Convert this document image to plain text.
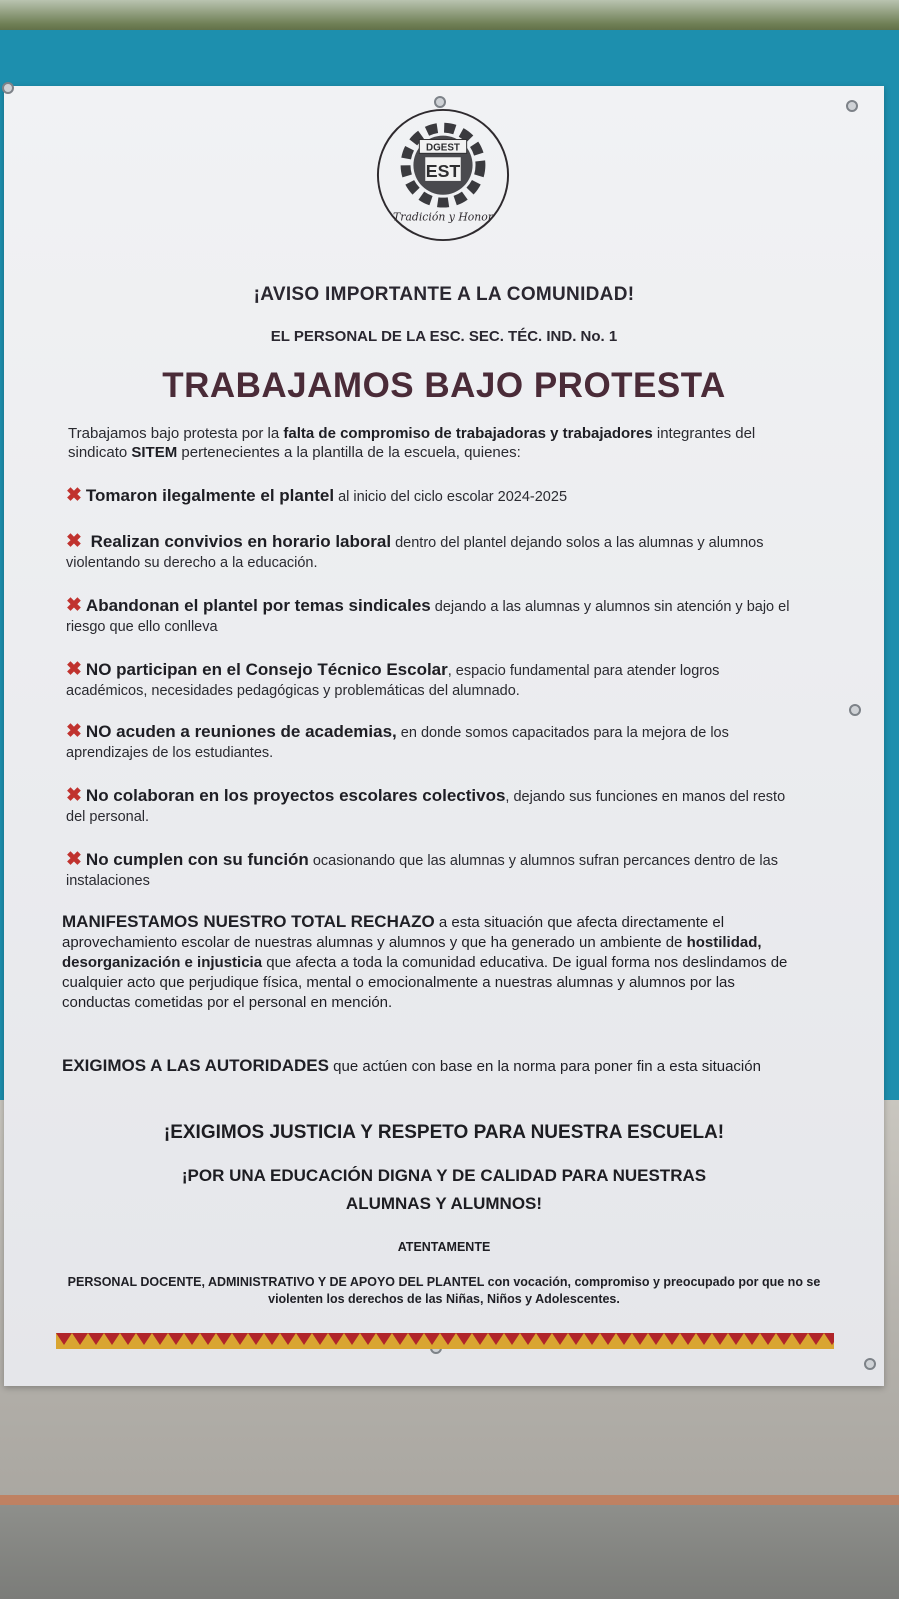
DGEST
EST
Tradición y Honor
¡AVISO IMPORTANTE A LA COMUNIDAD!
EL PERSONAL DE LA ESC. SEC. TÉC. IND. No. 1
TRABAJAMOS BAJO PROTESTA
Trabajamos bajo protesta por la falta de compromiso de trabajadoras y trabajadores integrantes del sindicato SITEM pertenecientes a la plantilla de la escuela, quienes:
✖ Tomaron ilegalmente el plantel al inicio del ciclo escolar 2024-2025
✖ Realizan convivios en horario laboral dentro del plantel dejando solos a las alumnas y alumnos violentando su derecho a la educación.
✖ Abandonan el plantel por temas sindicales dejando a las alumnas y alumnos sin atención y bajo el riesgo que ello conlleva
✖ NO participan en el Consejo Técnico Escolar, espacio fundamental para atender logros académicos, necesidades pedagógicas y problemáticas del alumnado.
✖ NO acuden a reuniones de academias, en donde somos capacitados para la mejora de los aprendizajes de los estudiantes.
✖ No colaboran en los proyectos escolares colectivos, dejando sus funciones en manos del resto del personal.
✖ No cumplen con su función ocasionando que las alumnas y alumnos sufran percances dentro de las instalaciones
MANIFESTAMOS NUESTRO TOTAL RECHAZO a esta situación que afecta directamente el aprovechamiento escolar de nuestras alumnas y alumnos y que ha generado un ambiente de hostilidad, desorganización e injusticia que afecta a toda la comunidad educativa. De igual forma nos deslindamos de cualquier acto que perjudique física, mental o emocionalmente a nuestras alumnas y alumnos por las conductas cometidas por el personal en mención.
EXIGIMOS A LAS AUTORIDADES que actúen con base en la norma para poner fin a esta situación
¡EXIGIMOS JUSTICIA Y RESPETO PARA NUESTRA ESCUELA!
¡POR UNA EDUCACIÓN DIGNA Y DE CALIDAD PARA NUESTRAS
ALUMNAS Y ALUMNOS!
ATENTAMENTE
PERSONAL DOCENTE, ADMINISTRATIVO Y DE APOYO DEL PLANTEL con vocación, compromiso y preocupado por que no se violenten los derechos de las Niñas, Niños y Adolescentes.
